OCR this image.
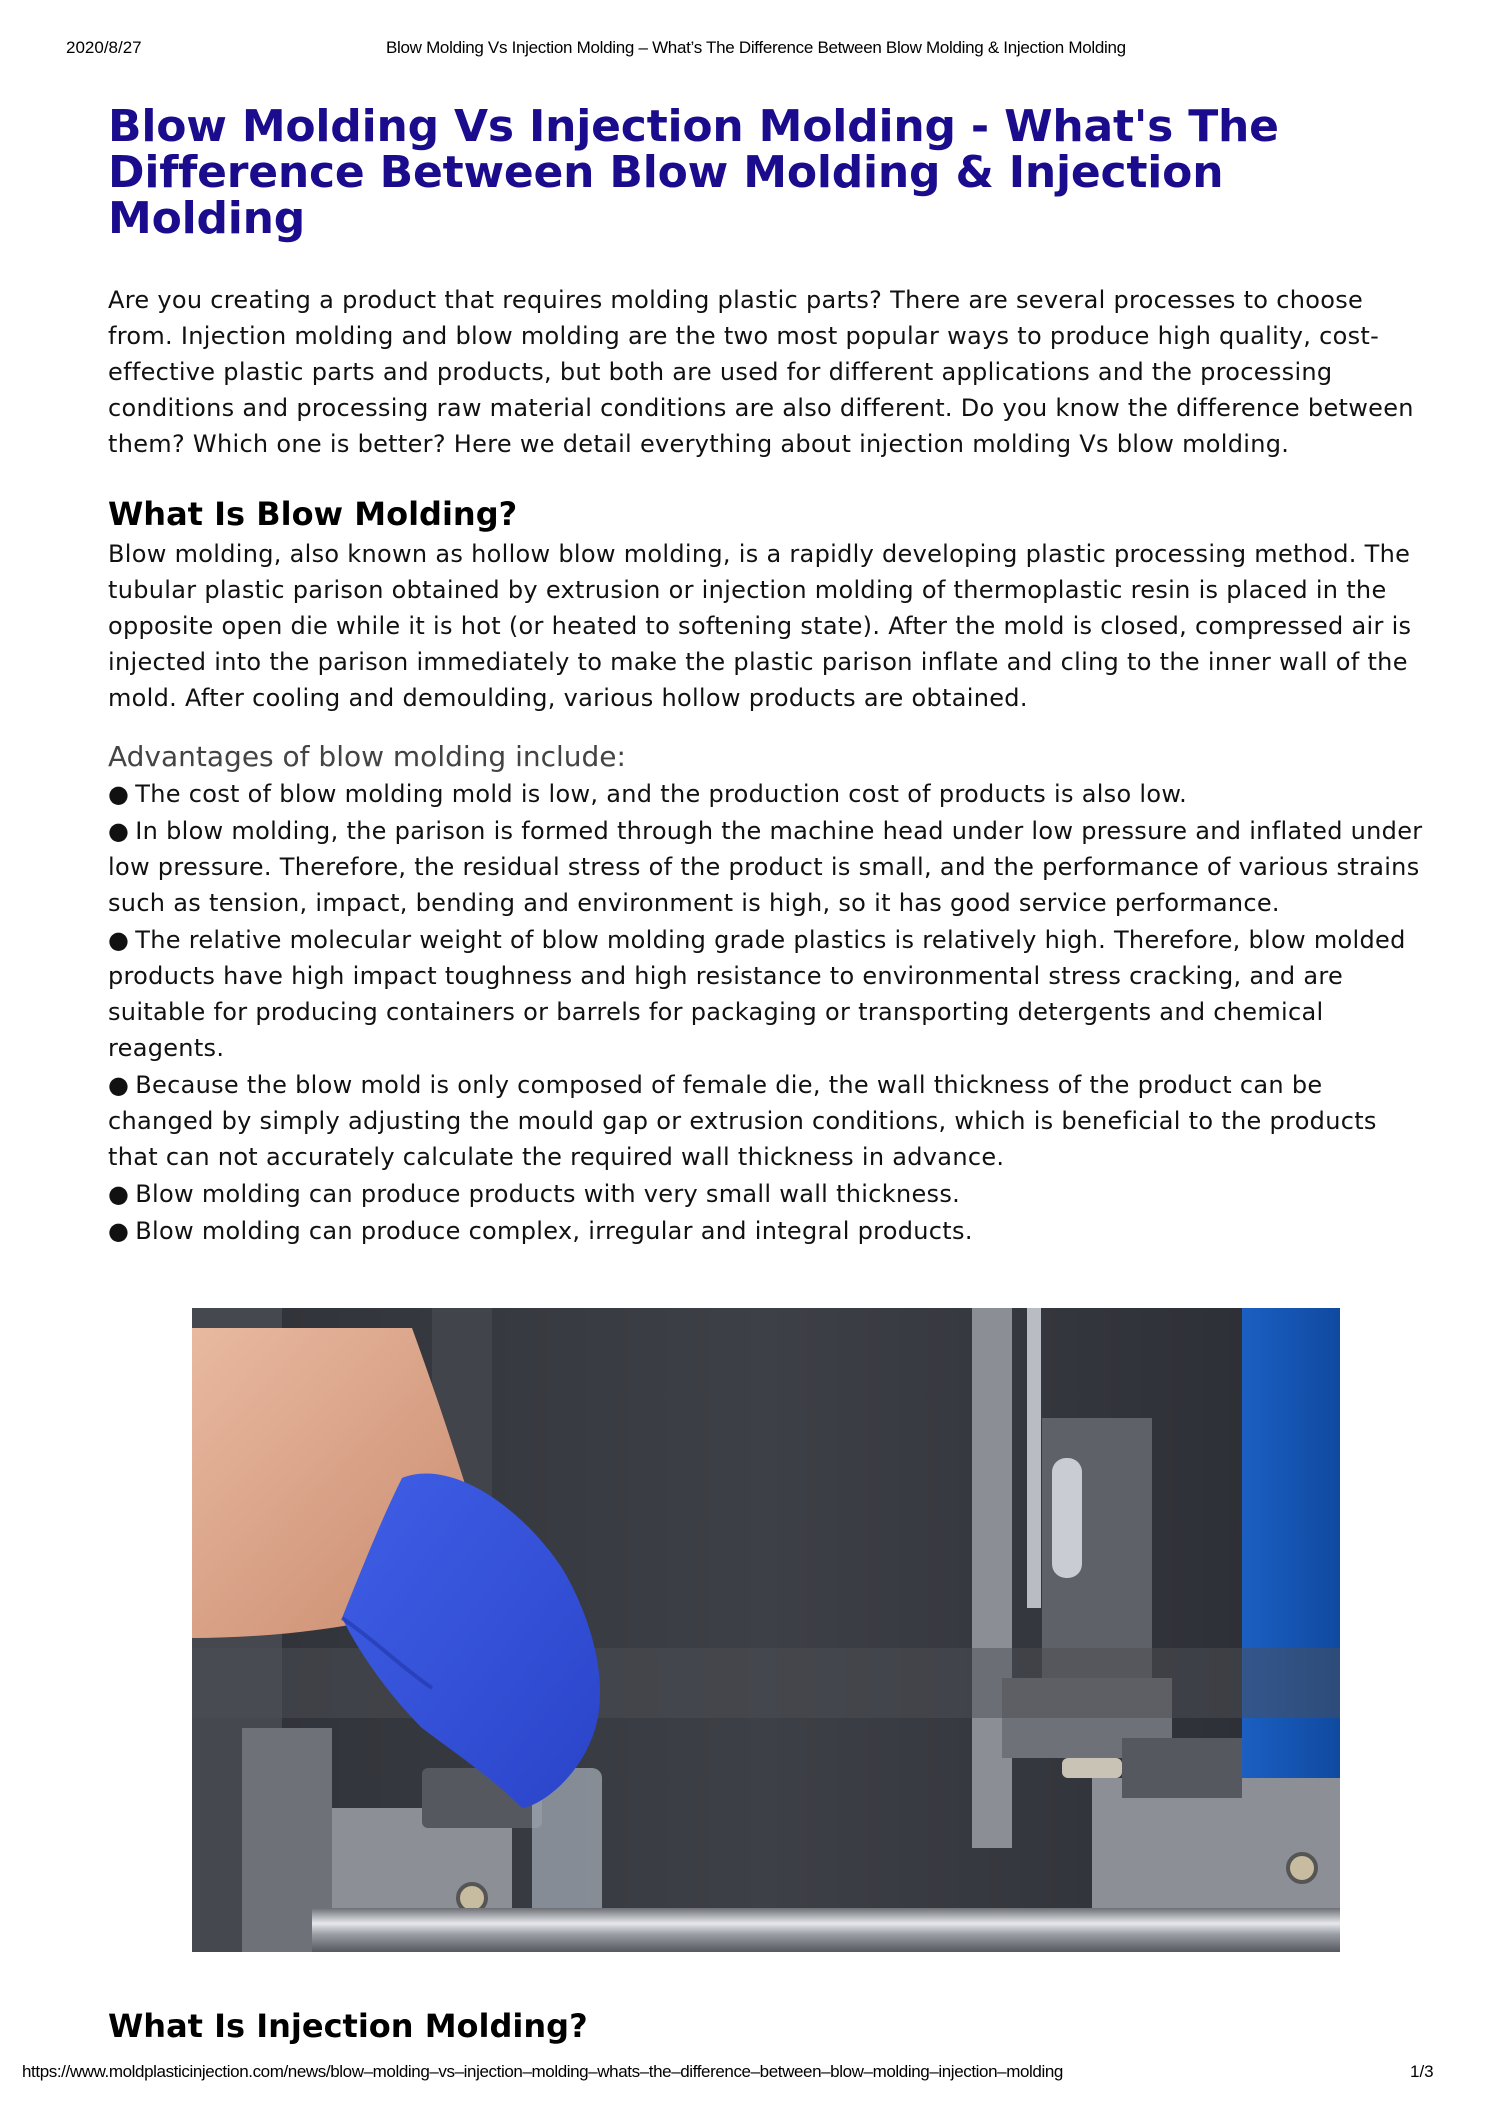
2020/8/27	Blow Molding Vs Injection Molding – What’s The Difference Between Blow Molding & Injection Molding
Blow Molding Vs Injection Molding - What's The Difference Between Blow Molding & Injection Molding

Are you creating a product that requires molding plastic parts? There are several processes to choose from. Injection molding and blow molding are the two most popular ways to produce high quality, cost-effective plastic parts and products, but both are used for different applications and the processing conditions and processing raw material conditions are also different. Do you know the difference between them? Which one is better? Here we detail everything about injection molding Vs blow molding.

What Is Blow Molding?

Blow molding, also known as hollow blow molding, is a rapidly developing plastic processing method. The tubular plastic parison obtained by extrusion or injection molding of thermoplastic resin is placed in the opposite open die while it is hot (or heated to softening state). After the mold is closed, compressed air is injected into the parison immediately to make the plastic parison inflate and cling to the inner wall of the mold. After cooling and demoulding, various hollow products are obtained.

Advantages of blow molding include:
● The cost of blow molding mold is low, and the production cost of products is also low.
● In blow molding, the parison is formed through the machine head under low pressure and inflated under low pressure. Therefore, the residual stress of the product is small, and the performance of various strains such as tension, impact, bending and environment is high, so it has good service performance.
● The relative molecular weight of blow molding grade plastics is relatively high. Therefore, blow molded products have high impact toughness and high resistance to environmental stress cracking, and are suitable for producing containers or barrels for packaging or transporting detergents and chemical reagents.
● Because the blow mold is only composed of female die, the wall thickness of the product can be changed by simply adjusting the mould gap or extrusion conditions, which is beneficial to the products that can not accurately calculate the required wall thickness in advance.
● Blow molding can produce products with very small wall thickness.
● Blow molding can produce complex, irregular and integral products.
What Is Injection Molding?
https://www.moldplasticinjection.com/news/blow–molding–vs–injection–molding–whats–the–difference–between–blow–molding–injection–molding	1/3
